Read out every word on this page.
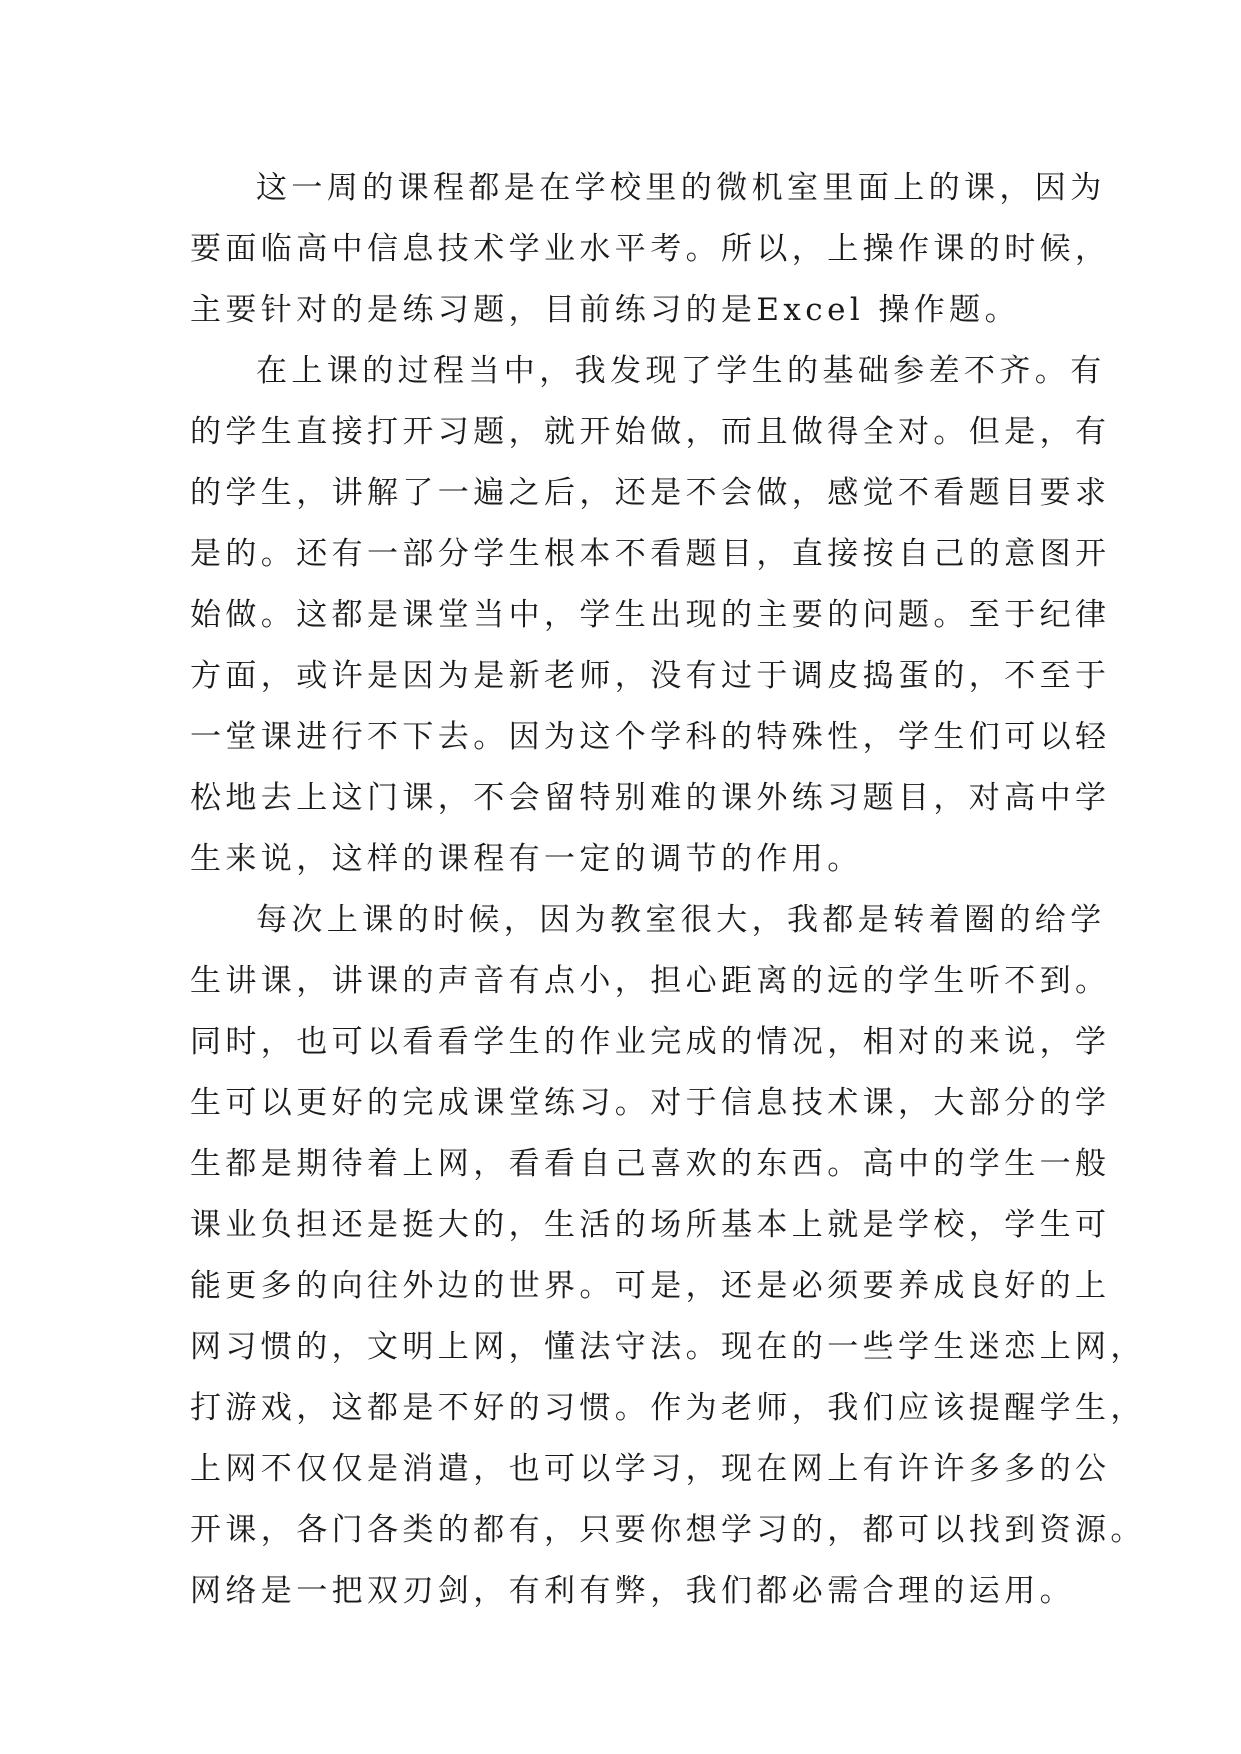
这一周的课程都是在学校里的微机室里面上的课，因为
要面临高中信息技术学业水平考。所以，上操作课的时候，
主要针对的是练习题，目前练习的是Excel 操作题。
在上课的过程当中，我发现了学生的基础参差不齐。有
的学生直接打开习题，就开始做，而且做得全对。但是，有
的学生，讲解了一遍之后，还是不会做，感觉不看题目要求
是的。还有一部分学生根本不看题目，直接按自己的意图开
始做。这都是课堂当中，学生出现的主要的问题。至于纪律
方面，或许是因为是新老师，没有过于调皮捣蛋的，不至于
一堂课进行不下去。因为这个学科的特殊性，学生们可以轻
松地去上这门课，不会留特别难的课外练习题目，对高中学
生来说，这样的课程有一定的调节的作用。
每次上课的时候，因为教室很大，我都是转着圈的给学
生讲课，讲课的声音有点小，担心距离的远的学生听不到。
同时，也可以看看学生的作业完成的情况，相对的来说，学
生可以更好的完成课堂练习。对于信息技术课，大部分的学
生都是期待着上网，看看自己喜欢的东西。高中的学生一般
课业负担还是挺大的，生活的场所基本上就是学校，学生可
能更多的向往外边的世界。可是，还是必须要养成良好的上
网习惯的，文明上网，懂法守法。现在的一些学生迷恋上网，
打游戏，这都是不好的习惯。作为老师，我们应该提醒学生，
上网不仅仅是消遣，也可以学习，现在网上有许许多多的公
开课，各门各类的都有，只要你想学习的，都可以找到资源。
网络是一把双刃剑，有利有弊，我们都必需合理的运用。
